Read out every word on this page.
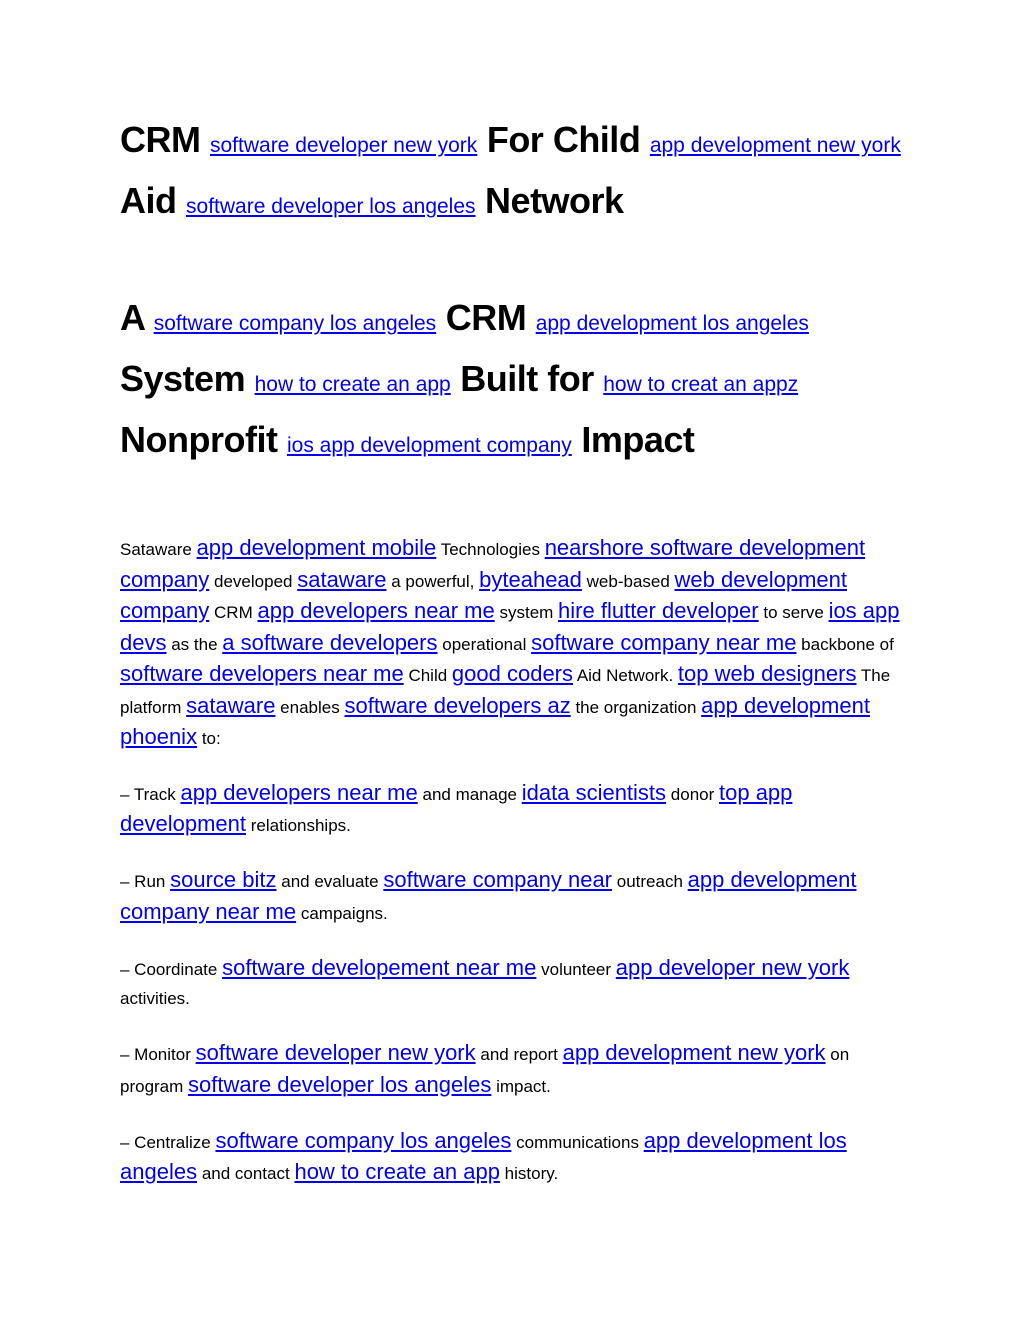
CRM software developer new york For Child app development new york Aid software developer los angeles Network
A software company los angeles CRM app development los angeles System how to create an app Built for how to creat an appz Nonprofit ios app development company Impact

Sataware app development mobile Technologies nearshore software development company developed sataware a powerful, byteahead web-based web development company CRM app developers near me system hire flutter developer to serve ios app devs as the a software developers operational software company near me backbone of software developers near me Child good coders Aid Network. top web designers The platform sataware enables software developers az the organization app development phoenix to:

– Track app developers near me and manage idata scientists donor top app development relationships.

– Run source bitz and evaluate software company near outreach app development company near me campaigns.

– Coordinate software developement near me volunteer app developer new york activities.

– Monitor software developer new york and report app development new york on program software developer los angeles impact.

– Centralize software company los angeles communications app development los angeles and contact how to create an app history.
